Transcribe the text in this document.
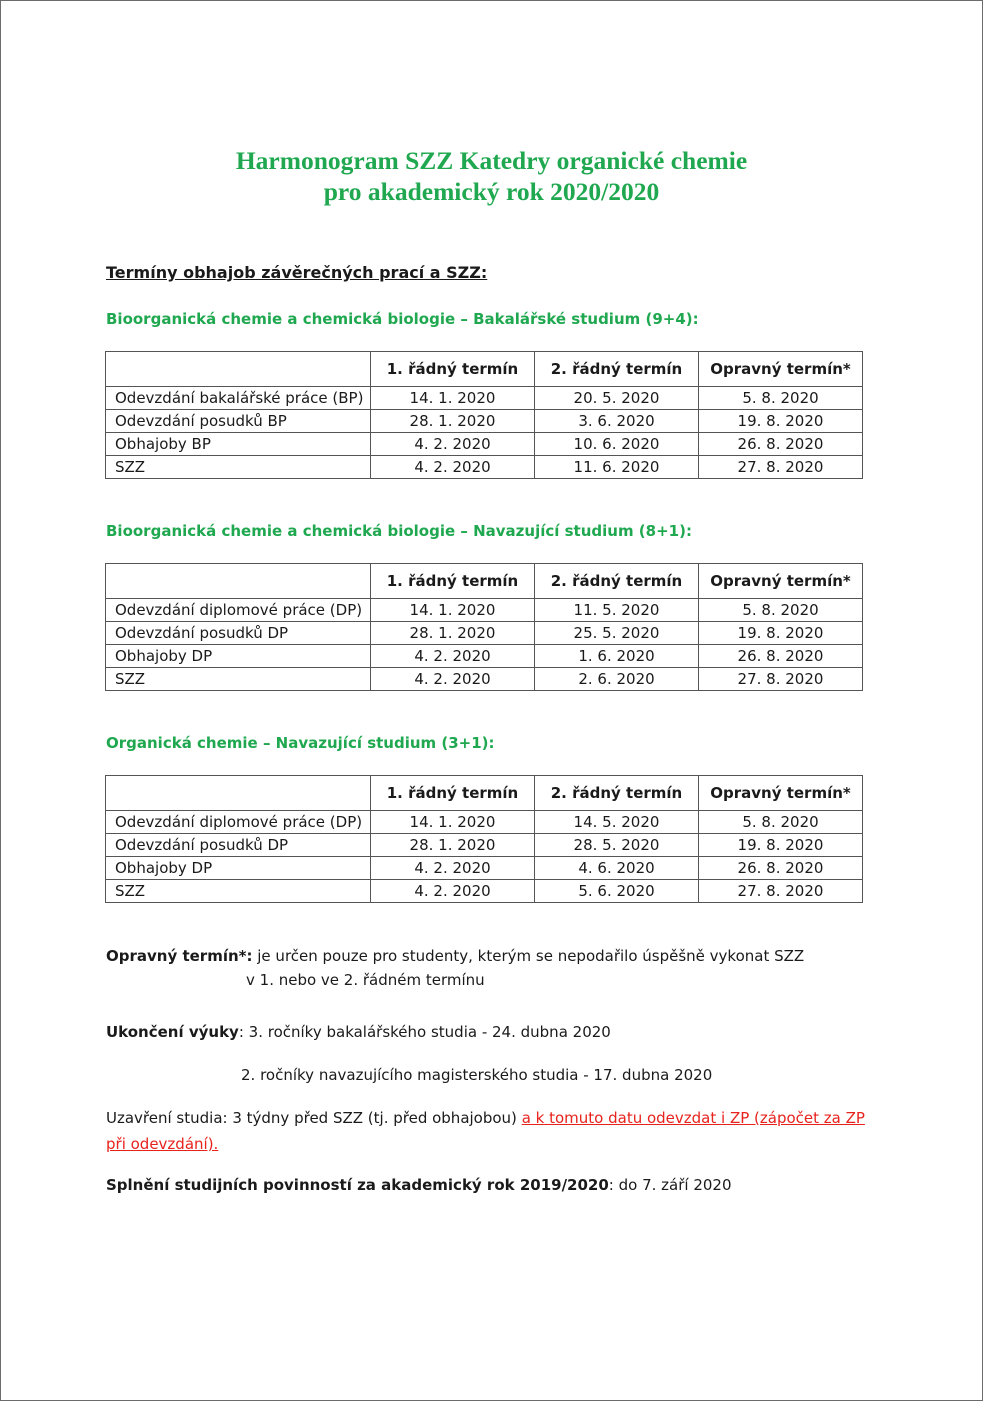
Harmonogram SZZ Katedry organické chemie
pro akademický rok 2020/2020
Termíny obhajob závěrečných prací a SZZ:
Bioorganická chemie a chemická biologie – Bakalářské studium (9+4):
	1. řádný termín	2. řádný termín	Opravný termín*
Odevzdání bakalářské práce (BP)	14. 1. 2020	20. 5. 2020	5. 8. 2020
Odevzdání posudků BP	28. 1. 2020	3. 6. 2020	19. 8. 2020
Obhajoby BP	4. 2. 2020	10. 6. 2020	26. 8. 2020
SZZ	4. 2. 2020	11. 6. 2020	27. 8. 2020
Bioorganická chemie a chemická biologie – Navazující studium (8+1):
	1. řádný termín	2. řádný termín	Opravný termín*
Odevzdání diplomové práce (DP)	14. 1. 2020	11. 5. 2020	5. 8. 2020
Odevzdání posudků DP	28. 1. 2020	25. 5. 2020	19. 8. 2020
Obhajoby DP	4. 2. 2020	1. 6. 2020	26. 8. 2020
SZZ	4. 2. 2020	2. 6. 2020	27. 8. 2020
Organická chemie – Navazující studium (3+1):
	1. řádný termín	2. řádný termín	Opravný termín*
Odevzdání diplomové práce (DP)	14. 1. 2020	14. 5. 2020	5. 8. 2020
Odevzdání posudků DP	28. 1. 2020	28. 5. 2020	19. 8. 2020
Obhajoby DP	4. 2. 2020	4. 6. 2020	26. 8. 2020
SZZ	4. 2. 2020	5. 6. 2020	27. 8. 2020
Opravný termín*: je určen pouze pro studenty, kterým se nepodařilo úspěšně vykonat SZZ
v 1. nebo ve 2. řádném termínu
Ukončení výuky: 3. ročníky bakalářského studia - 24. dubna 2020
2. ročníky navazujícího magisterského studia - 17. dubna 2020
Uzavření studia: 3 týdny před SZZ (tj. před obhajobou) a k tomuto datu odevzdat i ZP (zápočet za ZP
při odevzdání).
Splnění studijních povinností za akademický rok 2019/2020: do 7. září 2020
